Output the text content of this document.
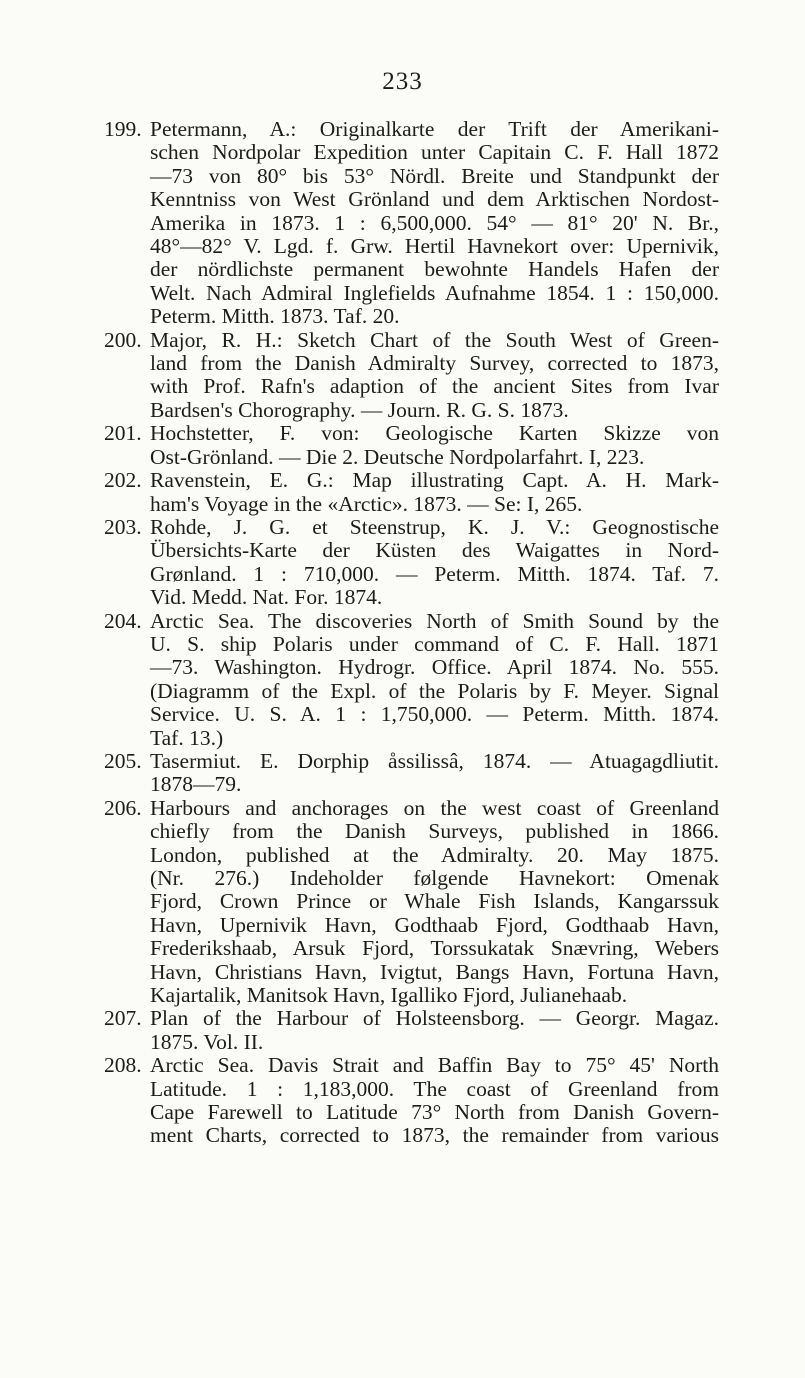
233
199. Petermann, A.: Originalkarte der Trift der Amerikani-
schen Nordpolar Expedition unter Capitain C. F. Hall 1872
—73 von 80° bis 53° Nördl. Breite und Standpunkt der
Kenntniss von West Grönland und dem Arktischen Nordost-
Amerika in 1873. 1 : 6,500,000. 54° — 81° 20' N. Br.,
48°—82° V. Lgd. f. Grw. Hertil Havnekort over: Upernivik,
der nördlichste permanent bewohnte Handels Hafen der
Welt. Nach Admiral Inglefields Aufnahme 1854. 1 : 150,000.
Peterm. Mitth. 1873. Taf. 20.
200. Major, R. H.: Sketch Chart of the South West of Green-
land from the Danish Admiralty Survey, corrected to 1873,
with Prof. Rafn's adaption of the ancient Sites from Ivar
Bardsen's Chorography. — Journ. R. G. S. 1873.
201. Hochstetter, F. von: Geologische Karten Skizze von
Ost-Grönland. — Die 2. Deutsche Nordpolarfahrt. I, 223.
202. Ravenstein, E. G.: Map illustrating Capt. A. H. Mark-
ham's Voyage in the «Arctic». 1873. — Se: I, 265.
203. Rohde, J. G. et Steenstrup, K. J. V.: Geognostische
Übersichts-Karte der Küsten des Waigattes in Nord-
Grønland. 1 : 710,000. — Peterm. Mitth. 1874. Taf. 7.
Vid. Medd. Nat. For. 1874.
204. Arctic Sea. The discoveries North of Smith Sound by the
U. S. ship Polaris under command of C. F. Hall. 1871
—73. Washington. Hydrogr. Office. April 1874. No. 555.
(Diagramm of the Expl. of the Polaris by F. Meyer. Signal
Service. U. S. A. 1 : 1,750,000. — Peterm. Mitth. 1874.
Taf. 13.)
205. Tasermiut. E. Dorphip åssilissâ, 1874. — Atuagagdliutit.
1878—79.
206. Harbours and anchorages on the west coast of Greenland
chiefly from the Danish Surveys, published in 1866.
London, published at the Admiralty. 20. May 1875.
(Nr. 276.) Indeholder følgende Havnekort: Omenak
Fjord, Crown Prince or Whale Fish Islands, Kangarssuk
Havn, Upernivik Havn, Godthaab Fjord, Godthaab Havn,
Frederikshaab, Arsuk Fjord, Torssukatak Snævring, Webers
Havn, Christians Havn, Ivigtut, Bangs Havn, Fortuna Havn,
Kajartalik, Manitsok Havn, Igalliko Fjord, Julianehaab.
207. Plan of the Harbour of Holsteensborg. — Georgr. Magaz.
1875. Vol. II.
208. Arctic Sea. Davis Strait and Baffin Bay to 75° 45' North
Latitude. 1 : 1,183,000. The coast of Greenland from
Cape Farewell to Latitude 73° North from Danish Govern-
ment Charts, corrected to 1873, the remainder from various
